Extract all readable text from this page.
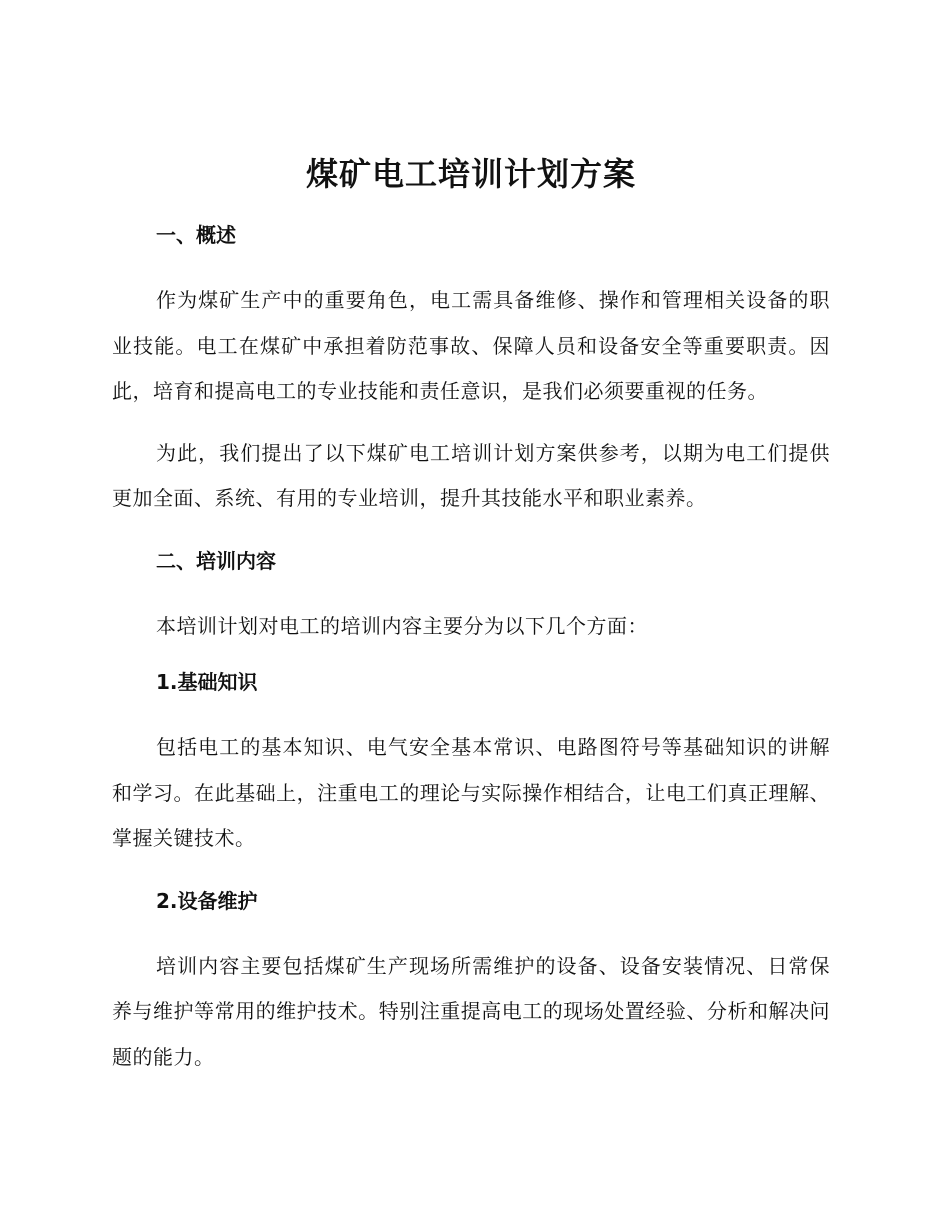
煤矿电工培训计划方案
一、概述

作为煤矿生产中的重要角色，电工需具备维修、操作和管理相关设备的职业技能。电工在煤矿中承担着防范事故、保障人员和设备安全等重要职责。因此，培育和提高电工的专业技能和责任意识，是我们必须要重视的任务。

为此，我们提出了以下煤矿电工培训计划方案供参考，以期为电工们提供更加全面、系统、有用的专业培训，提升其技能水平和职业素养。

二、培训内容

本培训计划对电工的培训内容主要分为以下几个方面：

1.基础知识

包括电工的基本知识、电气安全基本常识、电路图符号等基础知识的讲解和学习。在此基础上，注重电工的理论与实际操作相结合，让电工们真正理解、掌握关键技术。

2.设备维护

培训内容主要包括煤矿生产现场所需维护的设备、设备安装情况、日常保养与维护等常用的维护技术。特别注重提高电工的现场处置经验、分析和解决问题的能力。
